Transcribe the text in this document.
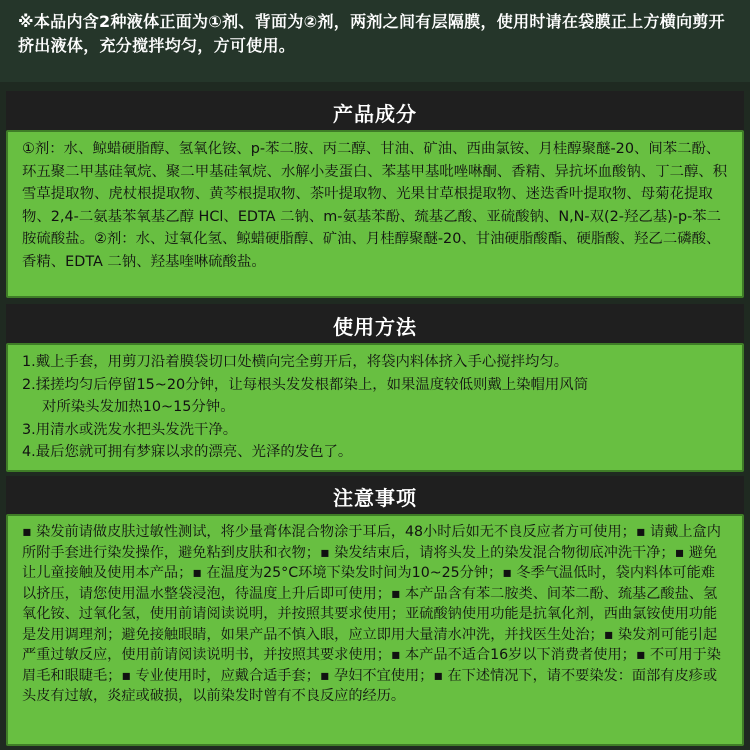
※本品内含2种液体正面为①剂、背面为②剂，两剂之间有层隔膜，使用时请在袋膜正上方横向剪开挤出液体，充分搅拌均匀，方可使用。
产品成分
①剂：水、鲸蜡硬脂醇、氢氧化铵、p-苯二胺、丙二醇、甘油、矿油、西曲氯铵、月桂醇聚醚-20、间苯二酚、环五聚二甲基硅氧烷、聚二甲基硅氧烷、水解小麦蛋白、苯基甲基吡唑啉酮、香精、异抗坏血酸钠、丁二醇、积雪草提取物、虎杖根提取物、黄芩根提取物、茶叶提取物、光果甘草根提取物、迷迭香叶提取物、母菊花提取物、2,4-二氨基苯氧基乙醇 HCl、EDTA 二钠、m-氨基苯酚、巯基乙酸、亚硫酸钠、N,N-双(2-羟乙基)-p-苯二胺硫酸盐。②剂：水、过氧化氢、鲸蜡硬脂醇、矿油、月桂醇聚醚-20、甘油硬脂酸酯、硬脂酸、羟乙二磷酸、香精、EDTA 二钠、羟基喹啉硫酸盐。
使用方法
1.戴上手套，用剪刀沿着膜袋切口处横向完全剪开后，将袋内料体挤入手心搅拌均匀。
2.揉搓均匀后停留15~20分钟，让每根头发发根都染上，如果温度较低则戴上染帽用风筒
对所染头发加热10~15分钟。
3.用清水或洗发水把头发洗干净。
4.最后您就可拥有梦寐以求的漂亮、光泽的发色了。
注意事项
▪ 染发前请做皮肤过敏性测试，将少量膏体混合物涂于耳后，48小时后如无不良反应者方可使用；▪ 请戴上盒内所附手套进行染发操作，避免粘到皮肤和衣物；▪ 染发结束后，请将头发上的染发混合物彻底冲洗干净；▪ 避免让儿童接触及使用本产品；▪ 在温度为25°C环境下染发时间为10~25分钟；▪ 冬季气温低时，袋内料体可能难以挤压，请您使用温水整袋浸泡，待温度上升后即可使用；▪ 本产品含有苯二胺类、间苯二酚、巯基乙酸盐、氢氧化铵、过氧化氢，使用前请阅读说明，并按照其要求使用；亚硫酸钠使用功能是抗氧化剂，西曲氯铵使用功能是发用调理剂；避免接触眼睛，如果产品不慎入眼，应立即用大量清水冲洗，并找医生处治；▪ 染发剂可能引起严重过敏反应，使用前请阅读说明书，并按照其要求使用；▪ 本产品不适合16岁以下消费者使用；▪ 不可用于染眉毛和眼睫毛；▪ 专业使用时，应戴合适手套；▪ 孕妇不宜使用；▪ 在下述情况下，请不要染发：面部有皮疹或头皮有过敏，炎症或破损，以前染发时曾有不良反应的经历。
